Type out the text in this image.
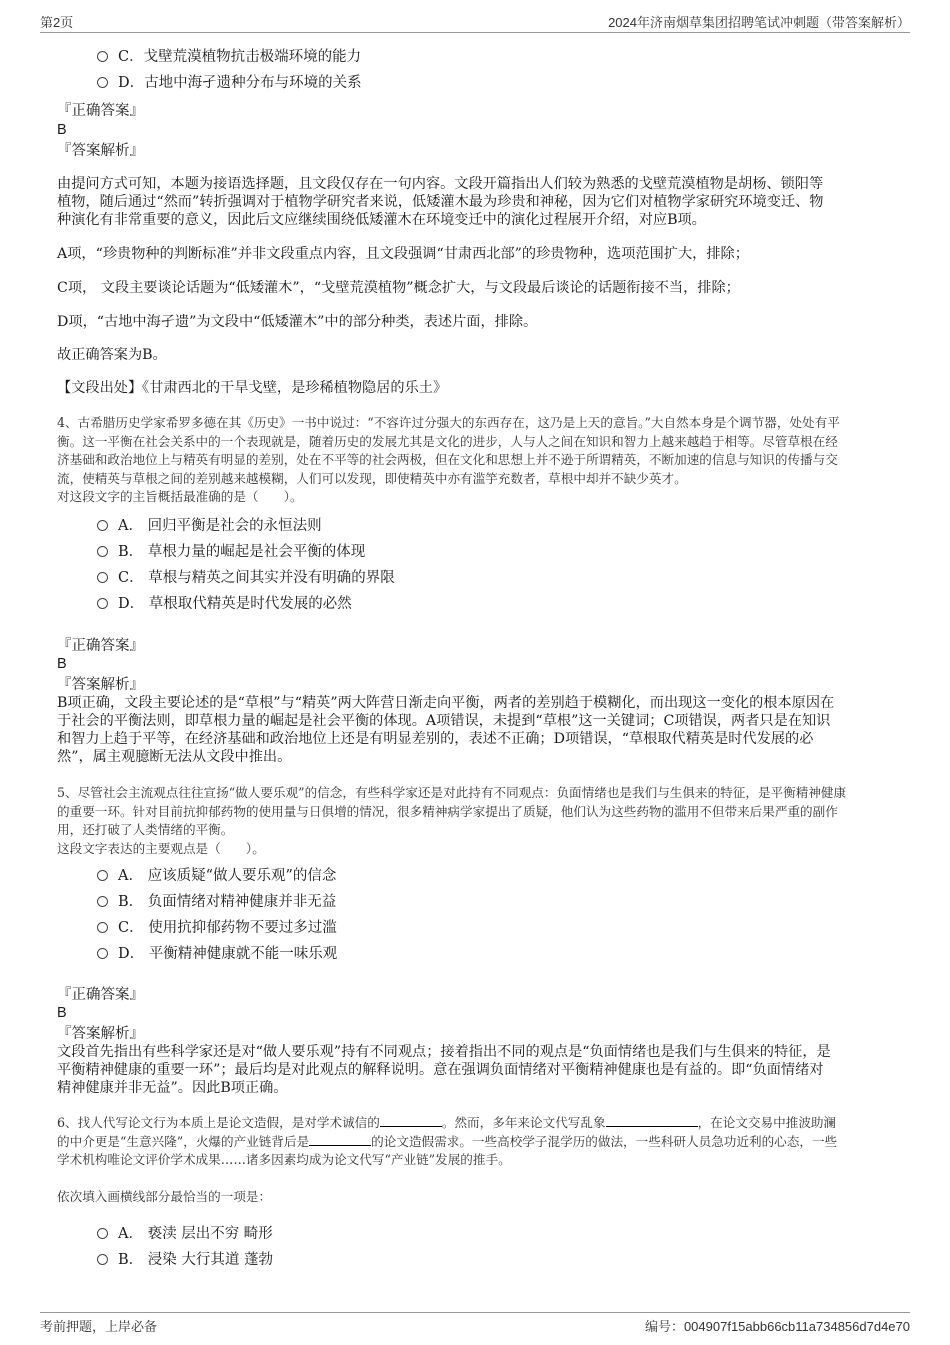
第2页	2024年济南烟草集团招聘笔试冲刺题（带答案解析）
C．戈壁荒漠植物抗击极端环境的能力
D．古地中海孑遗种分布与环境的关系
『正确答案』
B
『答案解析』
由提问方式可知，本题为接语选择题，且文段仅存在一句内容。文段开篇指出人们较为熟悉的戈壁荒漠植物是胡杨、锁阳等
植物，随后通过“然而”转折强调对于植物学研究者来说，低矮灌木最为珍贵和神秘，因为它们对植物学家研究环境变迁、物
种演化有非常重要的意义，因此后文应继续围绕低矮灌木在环境变迁中的演化过程展开介绍，对应B项。
A项，“珍贵物种的判断标准”并非文段重点内容，且文段强调“甘肃西北部”的珍贵物种，选项范围扩大，排除；
C项， 文段主要谈论话题为“低矮灌木”，“戈壁荒漠植物”概念扩大，与文段最后谈论的话题衔接不当，排除；
D项，“古地中海孑遗”为文段中“低矮灌木”中的部分种类，表述片面，排除。
故正确答案为B。
【文段出处】《甘肃西北的干旱戈壁，是珍稀植物隐居的乐土》
4、古希腊历史学家希罗多德在其《历史》一书中说过：“不容许过分强大的东西存在，这乃是上天的意旨。”大自然本身是个调节器，处处有平
衡。这一平衡在社会关系中的一个表现就是，随着历史的发展尤其是文化的进步，人与人之间在知识和智力上越来越趋于相等。尽管草根在经
济基础和政治地位上与精英有明显的差别，处在不平等的社会两极，但在文化和思想上并不逊于所谓精英，不断加速的信息与知识的传播与交
流，使精英与草根之间的差别越来越模糊，人们可以发现，即使精英中亦有滥竽充数者，草根中却并不缺少英才。
对这段文字的主旨概括最准确的是（　　）。
A． 回归平衡是社会的永恒法则
B． 草根力量的崛起是社会平衡的体现
C． 草根与精英之间其实并没有明确的界限
D． 草根取代精英是时代发展的必然
『正确答案』
B
『答案解析』
B项正确，文段主要论述的是“草根”与“精英”两大阵营日渐走向平衡，两者的差别趋于模糊化，而出现这一变化的根本原因在
于社会的平衡法则，即草根力量的崛起是社会平衡的体现。A项错误，未提到“草根”这一关键词；C项错误，两者只是在知识
和智力上趋于平等，在经济基础和政治地位上还是有明显差别的，表述不正确；D项错误，“草根取代精英是时代发展的必
然”，属主观臆断无法从文段中推出。
5、尽管社会主流观点往往宣扬“做人要乐观”的信念，有些科学家还是对此持有不同观点：负面情绪也是我们与生俱来的特征，是平衡精神健康
的重要一环。针对目前抗抑郁药物的使用量与日俱增的情况，很多精神病学家提出了质疑，他们认为这些药物的滥用不但带来后果严重的副作
用，还打破了人类情绪的平衡。
这段文字表达的主要观点是（　　）。
A． 应该质疑“做人要乐观”的信念
B． 负面情绪对精神健康并非无益
C． 使用抗抑郁药物不要过多过滥
D． 平衡精神健康就不能一味乐观
『正确答案』
B
『答案解析』
文段首先指出有些科学家还是对“做人要乐观”持有不同观点；接着指出不同的观点是“负面情绪也是我们与生俱来的特征，是
平衡精神健康的重要一环”；最后均是对此观点的解释说明。意在强调负面情绪对平衡精神健康也是有益的。即“负面情绪对
精神健康并非无益”。因此B项正确。
6、找人代写论文行为本质上是论文造假，是对学术诚信的	。然而，多年来论文代写乱象	，在论文交易中推波助澜
的中介更是“生意兴隆”，火爆的产业链背后是	的论文造假需求。一些高校学子混学历的做法，一些科研人员急功近利的心态，一些
学术机构唯论文评价学术成果……诸多因素均成为论文代写“产业链”发展的推手。
依次填入画横线部分最恰当的一项是：
A． 亵渎 层出不穷 畸形
B． 浸染 大行其道 蓬勃
考前押题，上岸必备	编号：004907f15abb66cb11a734856d7d4e70
